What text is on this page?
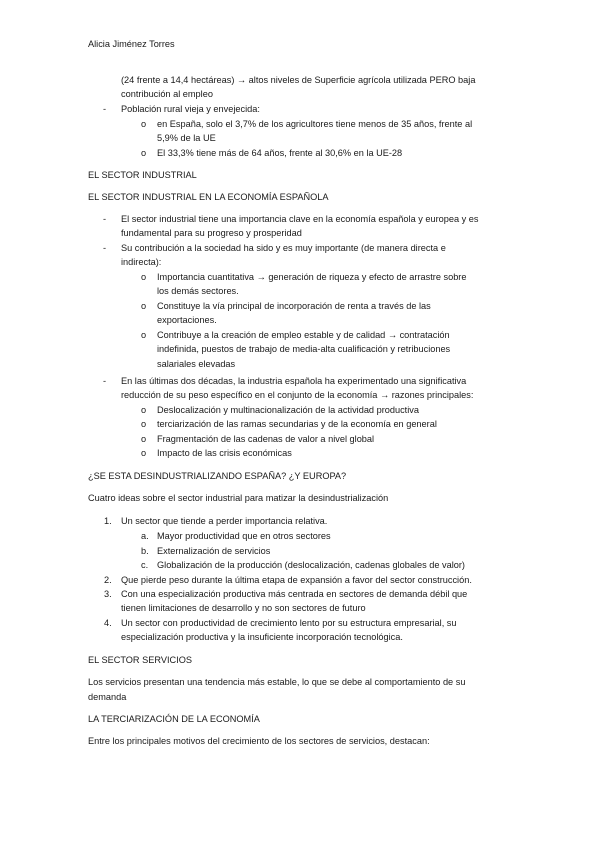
Alicia Jiménez Torres
(24 frente a 14,4 hectáreas) → altos niveles de Superficie agrícola utilizada PERO baja
contribución al empleo
- Población rural vieja y envejecida:
o en España, solo el 3,7% de los agricultores tiene menos de 35 años, frente al
5,9% de la UE
o El 33,3% tiene más de 64 años, frente al 30,6% en la UE-28
EL SECTOR INDUSTRIAL
EL SECTOR INDUSTRIAL EN LA ECONOMÍA ESPAÑOLA
- El sector industrial tiene una importancia clave en la economía española y europea y es
fundamental para su progreso y prosperidad
- Su contribución a la sociedad ha sido y es muy importante (de manera directa e
indirecta):
o Importancia cuantitativa → generación de riqueza y efecto de arrastre sobre
los demás sectores.
o Constituye la vía principal de incorporación de renta a través de las
exportaciones.
o Contribuye a la creación de empleo estable y de calidad → contratación
indefinida, puestos de trabajo de media-alta cualificación y retribuciones
salariales elevadas
- En las últimas dos décadas, la industria española ha experimentado una significativa
reducción de su peso específico en el conjunto de la economía → razones principales:
o Deslocalización y multinacionalización de la actividad productiva
o terciarización de las ramas secundarias y de la economía en general
o Fragmentación de las cadenas de valor a nivel global
o Impacto de las crisis económicas
¿SE ESTA DESINDUSTRIALIZANDO ESPAÑA? ¿Y EUROPA?
Cuatro ideas sobre el sector industrial para matizar la desindustrialización
1. Un sector que tiende a perder importancia relativa.
a. Mayor productividad que en otros sectores
b. Externalización de servicios
c. Globalización de la producción (deslocalización, cadenas globales de valor)
2. Que pierde peso durante la última etapa de expansión a favor del sector construcción.
3. Con una especialización productiva más centrada en sectores de demanda débil que
tienen limitaciones de desarrollo y no son sectores de futuro
4. Un sector con productividad de crecimiento lento por su estructura empresarial, su
especialización productiva y la insuficiente incorporación tecnológica.
EL SECTOR SERVICIOS
Los servicios presentan una tendencia más estable, lo que se debe al comportamiento de su
demanda
LA TERCIARIZACIÓN DE LA ECONOMÍA
Entre los principales motivos del crecimiento de los sectores de servicios, destacan:
